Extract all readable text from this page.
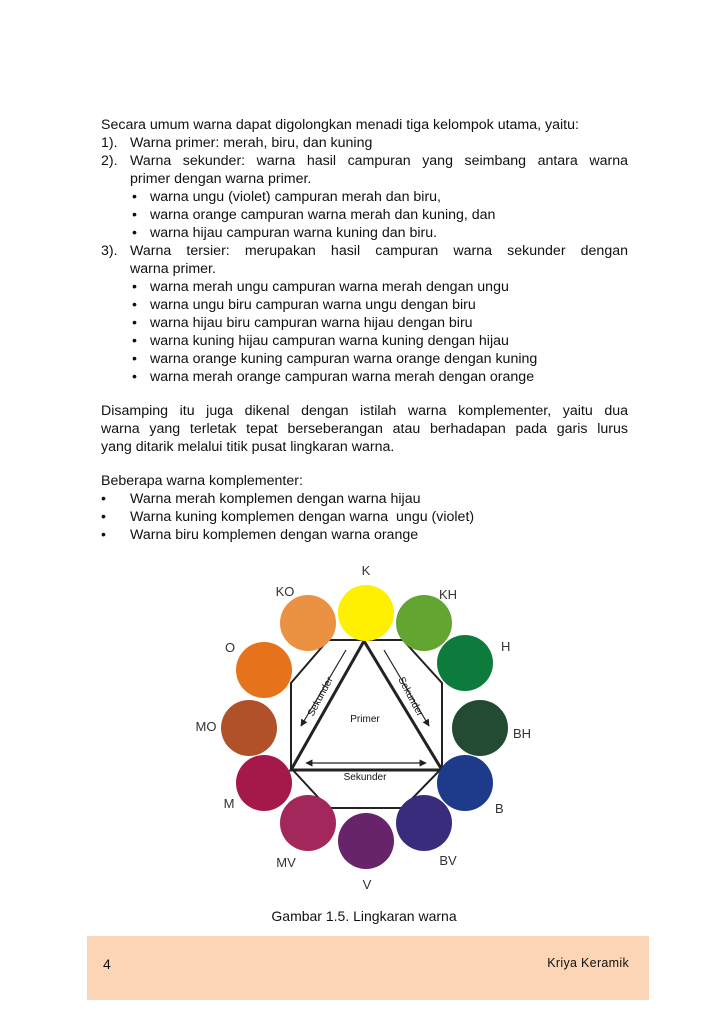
Secara umum warna dapat digolongkan menadi tiga kelompok utama, yaitu:
1). Warna primer: merah, biru, dan kuning
2). Warna sekunder: warna hasil campuran yang seimbang antara warna
primer dengan warna primer.
• warna ungu (violet) campuran merah dan biru,
• warna orange campuran warna merah dan kuning, dan
• warna hijau campuran warna kuning dan biru.
3). Warna tersier: merupakan hasil campuran warna sekunder dengan
warna primer.
• warna merah ungu campuran warna merah dengan ungu
• warna ungu biru campuran warna ungu dengan biru
• warna hijau biru campuran warna hijau dengan biru
• warna kuning hijau campuran warna kuning dengan hijau
• warna orange kuning campuran warna orange dengan kuning
• warna merah orange campuran warna merah dengan orange
Disamping itu juga dikenal dengan istilah warna komplementer, yaitu dua
warna yang terletak tepat berseberangan atau berhadapan pada garis lurus
yang ditarik melalui titik pusat lingkaran warna.
Beberapa warna komplementer:
• Warna merah komplemen dengan warna hijau
• Warna kuning komplemen dengan warna  ungu (violet)
• Warna biru komplemen dengan warna orange
Primer
Sekunder
Sekunder	Sekunder
K
KH
H
BH
B
BV
V
MV
M
MO
O
KO
Gambar 1.5. Lingkaran warna
4	Kriya Keramik
